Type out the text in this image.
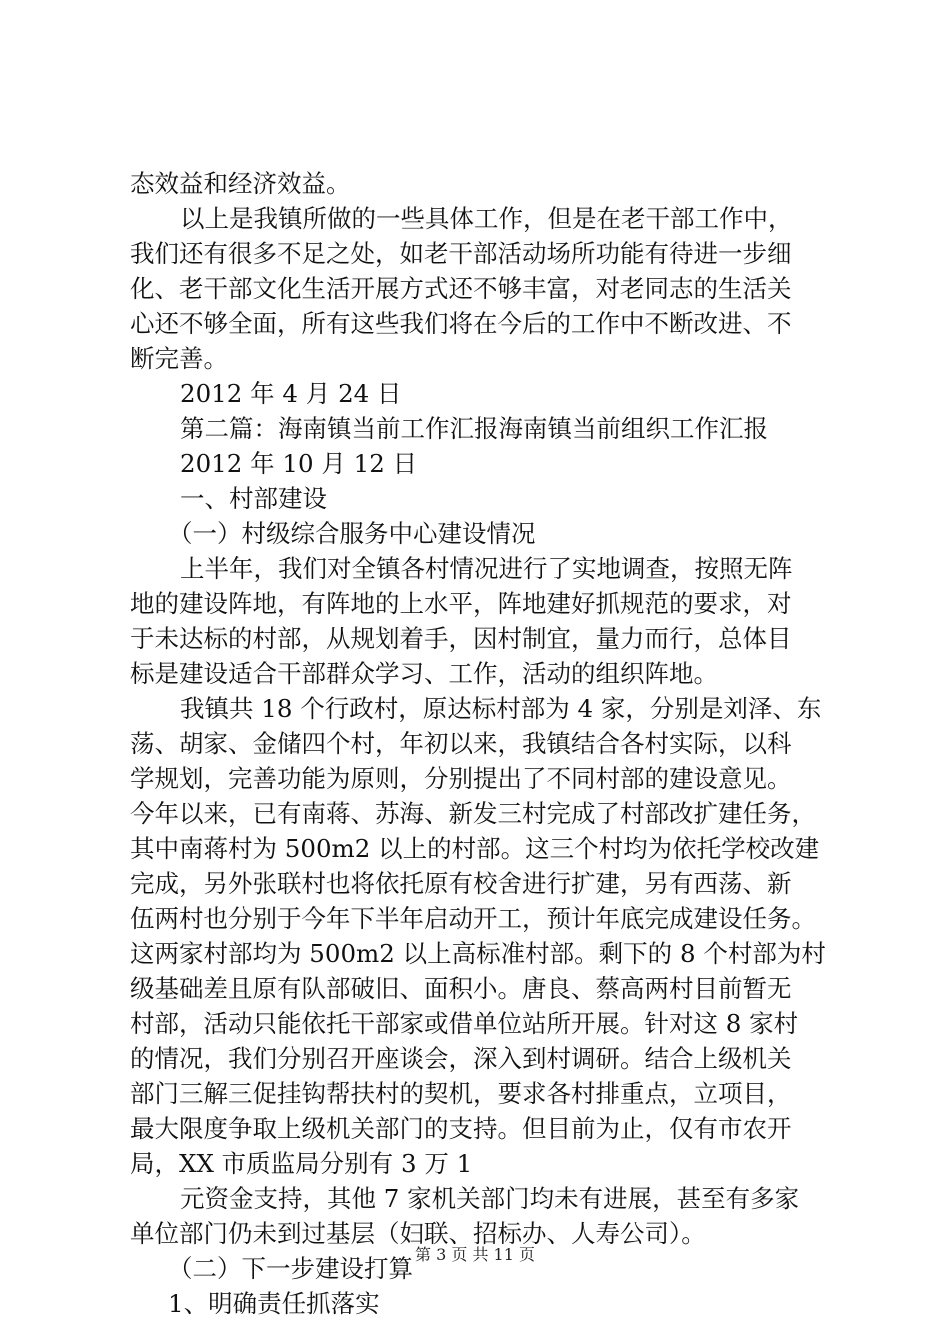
态效益和经济效益。
以上是我镇所做的一些具体工作，但是在老干部工作中，
我们还有很多不足之处，如老干部活动场所功能有待进一步细
化、老干部文化生活开展方式还不够丰富，对老同志的生活关
心还不够全面，所有这些我们将在今后的工作中不断改进、不
断完善。
2012 年 4 月 24 日
第二篇：海南镇当前工作汇报海南镇当前组织工作汇报
2012 年 10 月 12 日
一、村部建设
（一）村级综合服务中心建设情况
上半年，我们对全镇各村情况进行了实地调查，按照无阵
地的建设阵地，有阵地的上水平，阵地建好抓规范的要求，对
于未达标的村部，从规划着手，因村制宜，量力而行，总体目
标是建设适合干部群众学习、工作，活动的组织阵地。
我镇共 18 个行政村，原达标村部为 4 家，分别是刘泽、东
荡、胡家、金储四个村，年初以来，我镇结合各村实际，以科
学规划，完善功能为原则，分别提出了不同村部的建设意见。
今年以来，已有南蒋、苏海、新发三村完成了村部改扩建任务，
其中南蒋村为 500m2 以上的村部。这三个村均为依托学校改建
完成，另外张联村也将依托原有校舍进行扩建，另有西荡、新
伍两村也分别于今年下半年启动开工，预计年底完成建设任务。
这两家村部均为 500m2 以上高标准村部。剩下的 8 个村部为村
级基础差且原有队部破旧、面积小。唐良、蔡高两村目前暂无
村部，活动只能依托干部家或借单位站所开展。针对这 8 家村
的情况，我们分别召开座谈会，深入到村调研。结合上级机关
部门三解三促挂钩帮扶村的契机，要求各村排重点，立项目，
最大限度争取上级机关部门的支持。但目前为止，仅有市农开
局，XX 市质监局分别有 3 万 1
元资金支持，其他 7 家机关部门均未有进展，甚至有多家
单位部门仍未到过基层（妇联、招标办、人寿公司）。
（二）下一步建设打算
1、明确责任抓落实
第 3 页 共 11 页
